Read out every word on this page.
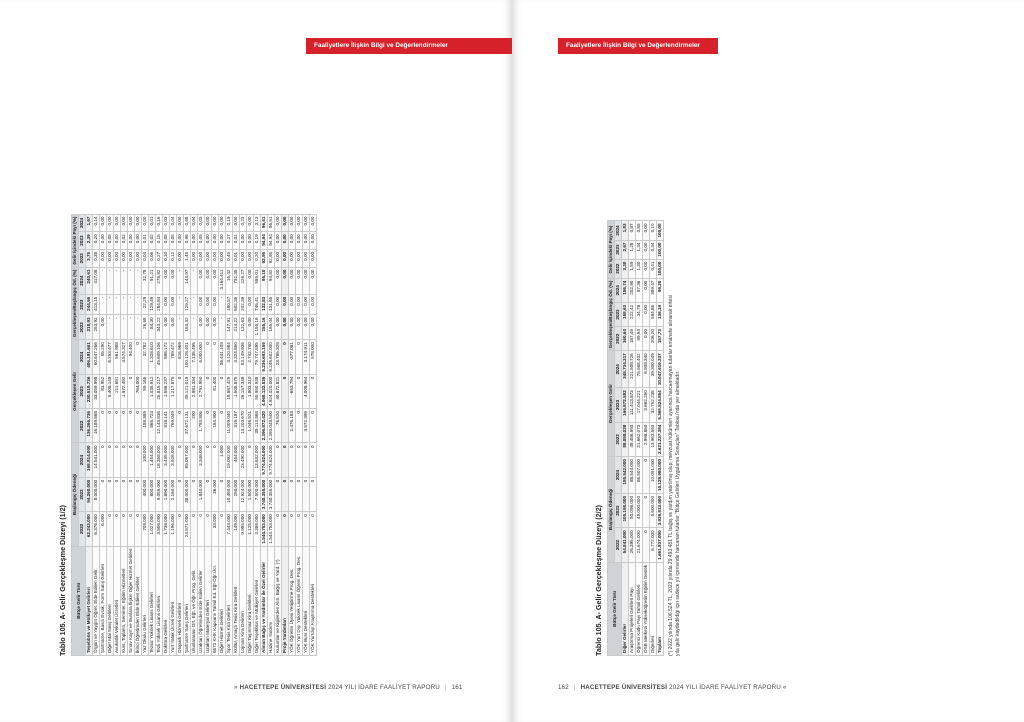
Faaliyetlere İlişkin Bilgi ve Değerlendirmeler
Tablo 105. A- Gelir Gerçekleşme Düzeyi (1/2) Bütçe Gelir Türü	Başlangıç Ödeneği			Gerçekleşen Gelir			Gerçekleşen/Başlangıç Öd. (%)			Gelir İçindeki Payı (%)		
	2022	2023	2024	2022	2023	2024	2022	2023	2024	2022	2023	2024
Teşebbüs ve Mülkiyet Gelirleri	62.243.000	94.260.000	168.814.000	136.266.736	230.519.736	406.191.661	218,93	244,56	240,61	3,75	2,39	1,67
Örgün ve Yaygın Öğret. Elde Edilen Gelir.	6.376.000	8.000.000	14.541.000	16.189.868	33.059.998	60.647.266	253,92	413,15	417,08	0,38	0,20	0,14
Şartname, Basılı Evrak, Form Satış Gelirleri	6.000	0	0	0	83.952	55.290	0,00	-	-	0,00	0,00	0,00
Diğer Mal Satış Gelirleri	0	0	0	0	5.408.148	6.253.477	-	-	-	0,00	0,05	0,00
Avukatlık Vekalet Ücretleri	0	0	0	0	211.691	561.988	-	-	-	0,00	0,00	0,00
Kurs, Toplantı, Seminer, Eğitim Hizmetleri	0	0	0	0	1.972.492	4.574.327	-	-	-	0,00	0,02	0,00
Sınav Kayıt ve Bunlara İlişkin Diğer Hizmet Gelirleri	0	0	0	0	0	94.400	-	-	-	0,00	0,00	0,00
İkinci Öğretimden Elde Edilen Gelirler	0	0	0	0	764.000	0	-	-	-	0,00	0,00	0,00
Yaz Okulu Gelirleri	708.000	400.000	100.000	188.889	89.165	32.782	26,68	22,29	32,78	0,04	0,01	0,00
Tezsiz Yüksek Lisans Gelirleri	1.027.000	800.000	1.454.000	865.724	1.035.912	1.328.610	84,30	129,49	91,21	0,06	0,02	0,01
Tezli Yüksek Lisans Gelirleri	3.806.000	9.059.000	16.358.000	12.148.836	25.815.217	45.609.106	343,22	284,84	278,82	0,27	0,15	0,16
Doktora Gelirleri	1.738.000	1.890.000	3.435.000	918.141	1.556.237	898.172	0,00	0,00	0,00	0,10	0,05	0,03
Yurt Yatak Ücreti Gelirleri	1.196.000	2.160.000	3.926.000	769.049	1.217.875	789.472	0,00	0,00	0,00	0,12	0,05	0,04
Otopark Hizmeti Gelirleri	0	0	0	0	0	816.969	-	-	-	0,00	0,00	0,00
Şartname Satış Gelirleri	24.571.000	38.000.000	69.067.000	37.672.131	49.121.019	100.128.401	153,32	129,27	144,97	1,48	0,96	0,68
Uluslararası Ort. Eğt. ve Öğr. Prog. Gelir.	0	0	0	200	2.981.334	7.135.495	-	-	-	0,00	0,00	0,04
Uzaktan Öğretimden Elde Edilen Gelirler	0	1.840.000	3.346.000	1.793.806	2.791.950	6.000.000	0,00	0,00	0,00	0,00	0,05	0,03
Uzaktan Materyal Gelirleri	0	0	0	0	0	0	0,00	0,00	0,00	0,00	0,00	0,00
6673 KHK Kapsamı Tahsil Ed. Eğt-Öğr.Ücr.	33.000	36.000	0	164.900	81.400	0	0,00	0,00	0,00	0,00	0,00	0,00
Diğer Hizmet Gelirleri	0	0	1.000	0	0	36.441.109	-	-	3.164.411	0,00	0,00	0,00
Spor Tesis Kira Gelirleri	7.443.000	10.460.000	19.092.000	11.009.040	18.887.425	3.120.984	147,91	180,57	16,42	0,45	0,27	0,19
Kültür, Amaçlı Tesis Kira Gelirleri	149.000	250.000	454.000	319.187	1.505.875	3.324.850	214,22	602,35	732,35	0,01	0,01	0,00
Lojman Kira Gelirleri	9.955.000	12.924.000	23.490.000	13.203.670	26.157.348	53.149.936	132,63	202,39	226,27	0,00	0,00	0,23
Diğer Taşınmaz Kira Gelirleri	1.125.000	1.500.000	0	1.046.521	1.803.310	2.742.740	0,00	0,00	0,00	0,00	0,00	0,00
Diğer Teşebbüs ve Mülkiyet Gelirleri	3.386.000	7.500.000	13.632.000	39.113.868	55.950.938	79.747.895	1.155,16	746,41	585,01	0,20	0,19	3,13
Alınan Bağış ve Yardımlar ile Özel Gelirler	1.544.753.000	3.740.355.000	9.774.624.000	2.396.872.420	4.968.132.536	9.236.693.159	155,16	132,83	95,10	92,95	94,94	96,51
Hazine Yardımı	1.544.753.000	3.740.355.000	9.774.624.000	2.393.048.500	4.924.020.000	9.248.602.000	155,04	131,65	94,82	92,95	94,94	96,51
Kurumlar ve Kişilerden Alın. Bağış ve Yard. (*)	0	0	0	76.520	40.872.821	23.785.328	0,00	0,00	0,00	0,00	0,00	0,00
Proje Yardımları	0	0	0	0	0	0	0,00	0,00	0,00	0,00	0,00	0,00
YÖK Öğretim Üyesi Yetiştirme Prog. Des.	0	0	0	2.476.183	-653.794	-377.081	0,00	0,00	0,00	0,00	0,00	0,00
YÖK Yurt Dışı Yüksek Lisans Öğreni Prog. Des.	0	0	0	0	0	0	0,00	0,00	0,00	0,00	0,00	0,00
YÖK Burs Destekleri	0	0	0	3.572.399	4.008.964	3.174.911	0,00	0,00	0,00	0,00	0,00	0,00
YÖK Yurtdışı Araştırma Destekleri	0	0	0	0	0	578.000	0,00	0,00	0,00	0,00	0,00	0,00
» HACETTEPE ÜNİVERSİTESİ 2024 YILI İDARE FAALİYET RAPORU | 161
Faaliyetlere İlişkin Bilgi ve Değerlendirmeler
Tablo 105. A- Gelir Gerçekleşme Düzeyi (2/2) Bütçe Gelir Türü	Başlangıç Ödeneği			Gerçekleşen Gelir			Gerçekleşen/Başlangıç Öd. (%)			Gelir İçindeki Payı (%)		
	2022	2023	2024	2022	2023	2024	2022	2023	2024	2022	2023	2024
Diğer Gelirler	54.841.000	105.198.000	185.542.000	88.098.028	166.872.582	345.734.317	160,64	158,63	186,74	3,30	2,67	1,83
Araştırma Projeleri Gelirleri Payı	26.395.000	50.098.000	88.544.000	49.486.993	111.413.873	221.508.726	187,49	222,42	252,90	1,59	1,28	0,87
Öğrenci Katkı Payı Tahsil Gelirleri	21.674.000	49.000.000	86.507.000	21.662.073	17.044.221	75.568.402	99,94	34,78	87,36	1,30	1,34	0,85
ÖSB Merkezi Yükseköğretim Eğitim Destek	0	0	0	2.998.850	3.662.250	6.938.340	0,00	0,00	0,00	0,00	0,00	0,00
Diğerleri	6.772.000	5.600.000	10.091.000	13.963.563	32.752.238	39.300.049	206,20	584,86	389,47	0,41	0,34	0,10
Toplam	1.661.837.000	3.939.813.000	10.128.980.000	2.621.237.384	5.365.524.854	10.047.619.337	157,73	136,19	99,20	100,00	100,00	100,00
(*) 2022 yılında 106.524 TL, 2023 yılında 29.493.481 TL bağış ve yardım yatırılmış olup, mevzuat hükümleri uyarınca harcanmayan tutarlar emanete alınarak ertesi yıla gelir kaydedildiği için sadece yıl içerisinde harcanan tutarlar "Bütçe Gelirleri Uygulama Sonuçları" Tablosu'nda yer almaktadır.
162 | HACETTEPE ÜNİVERSİTESİ 2024 YILI İDARE FAALİYET RAPORU «
